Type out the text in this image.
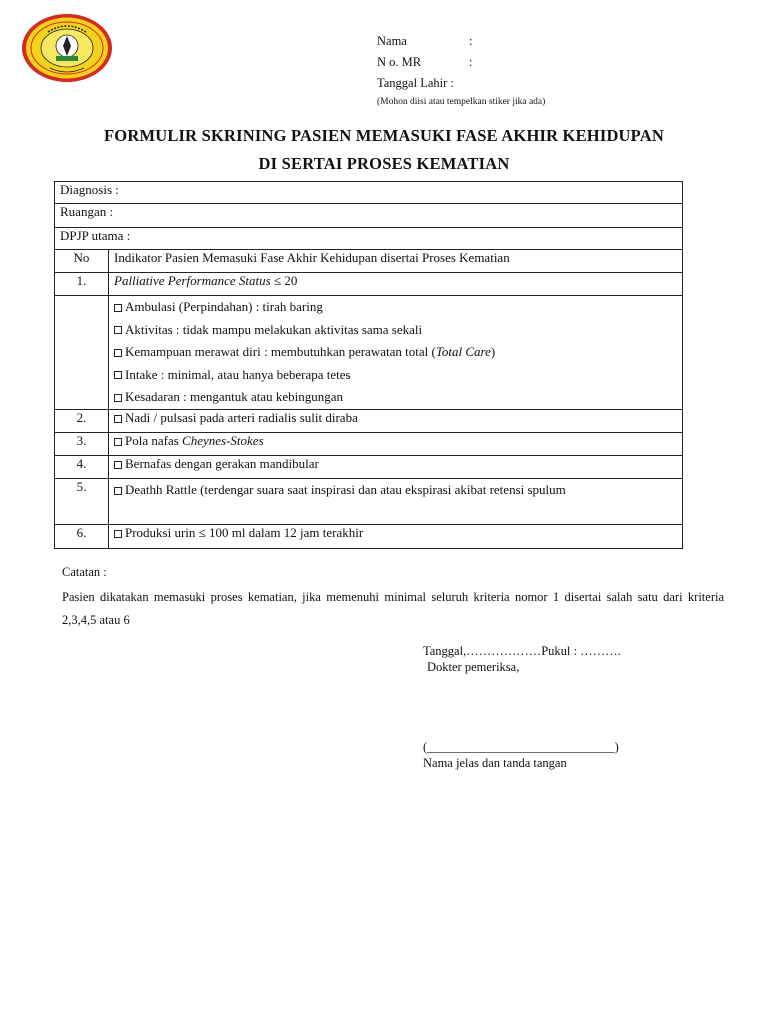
Nama	:
N o. MR	:
Tanggal Lahir :
(Mohon diisi atau tempelkan stiker jika ada)
FORMULIR SKRINING PASIEN MEMASUKI FASE AKHIR KEHIDUPAN
DI SERTAI PROSES KEMATIAN
Diagnosis :	
Ruangan :	
DPJP utama :	
No	Indikator Pasien Memasuki Fase Akhir Kehidupan disertai Proses Kematian
1.	Palliative Performance Status ≤ 20

	Ambulasi (Perpindahan) : tirah baring
Aktivitas : tidak mampu melakukan aktivitas sama sekali
Kemampuan merawat diri : membutuhkan perawatan total (Total Care)
Intake : minimal, atau hanya beberapa tetes
Kesadaran : mengantuk atau kebingungan

2.	Nadi / pulsasi pada arteri radialis sulit diraba
3.	Pola nafas Cheynes-Stokes
4.	Bernafas dengan gerakan mandibular
5.	Deathh Rattle (terdengar suara saat inspirasi dan atau ekspirasi akibat retensi spulum
6.	Produksi urin ≤ 100 ml dalam 12 jam terakhir
Catatan :
Pasien dikatakan memasuki proses kematian, jika memenuhi minimal seluruh kriteria nomor 1 disertai salah satu dari kriteria 2,3,4,5 atau 6
Tanggal,………………Pukul : ……….
Dokter pemeriksa,
(______________________________)
Nama jelas dan tanda tangan
